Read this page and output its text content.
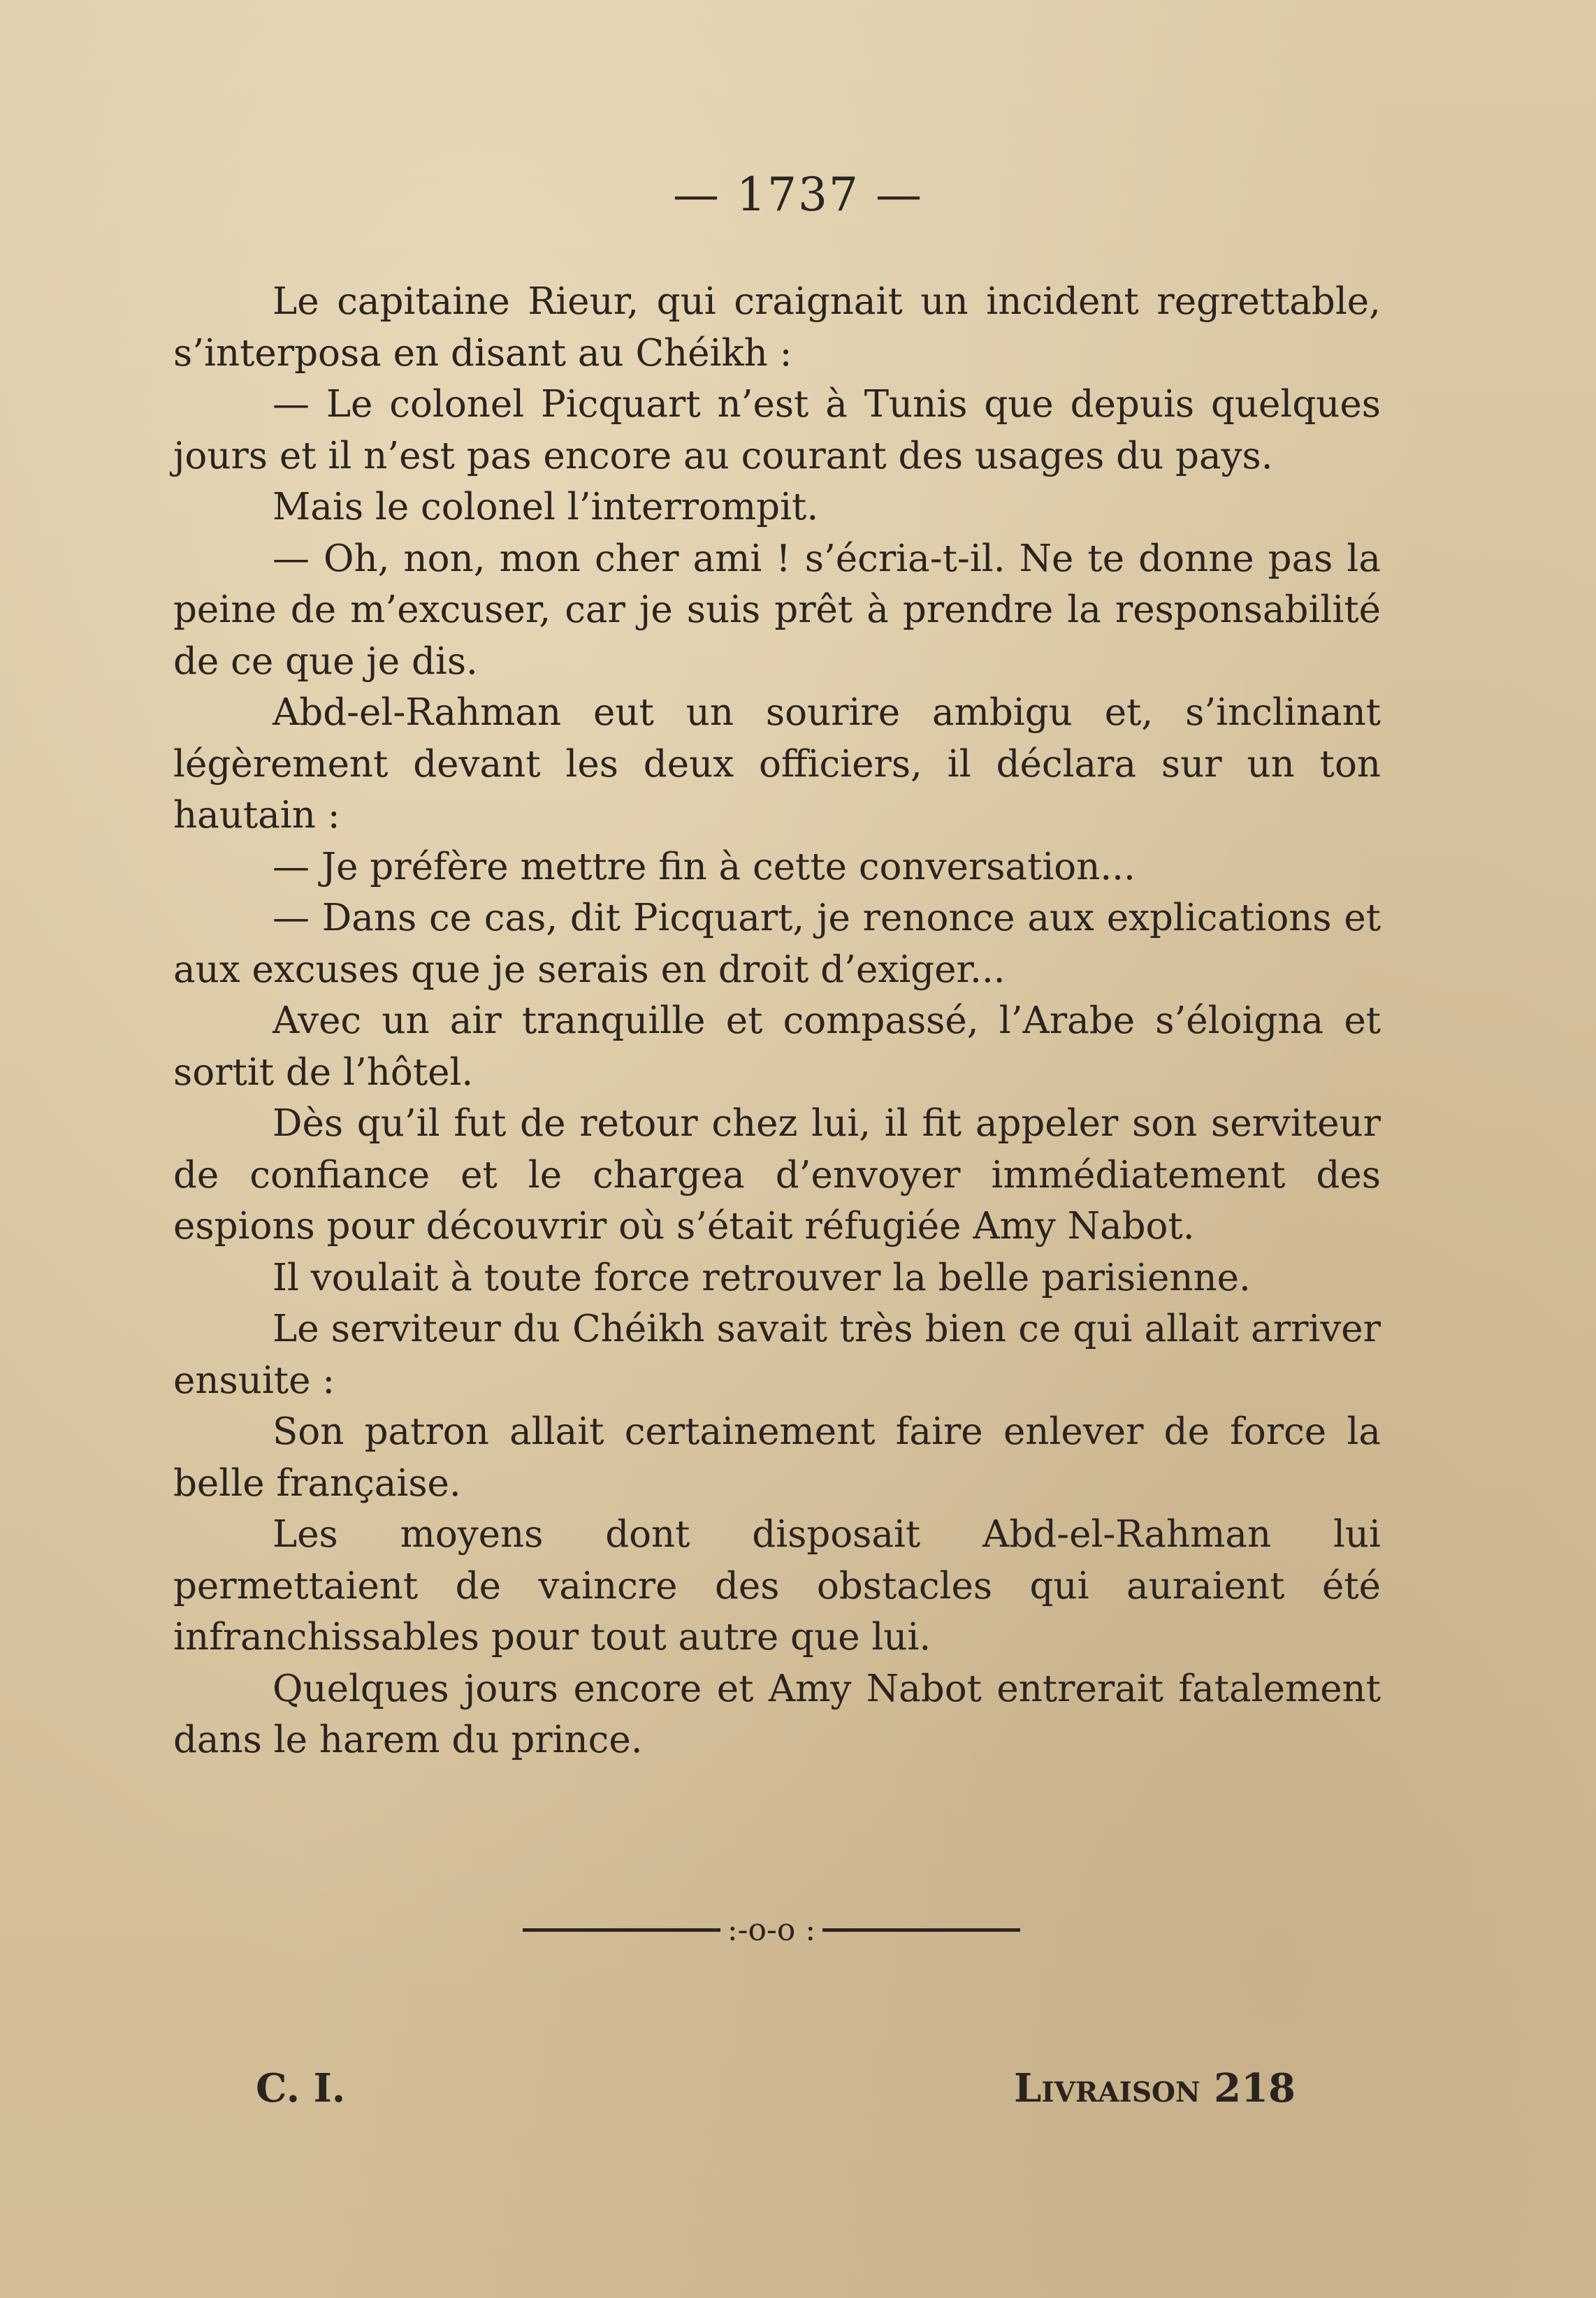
— 1737 —

Le capitaine Rieur, qui craignait un incident regrettable, s’interposa en disant au Chéikh :

— Le colonel Picquart n’est à Tunis que depuis quelques jours et il n’est pas encore au courant des usages du pays.

Mais le colonel l’interrompit.

— Oh, non, mon cher ami ! s’écria-t-il. Ne te donne pas la peine de m’excuser, car je suis prêt à prendre la responsabilité de ce que je dis.

Abd-el-Rahman eut un sourire ambigu et, s’inclinant légèrement devant les deux officiers, il déclara sur un ton hautain :

— Je préfère mettre fin à cette conversation...

— Dans ce cas, dit Picquart, je renonce aux explications et aux excuses que je serais en droit d’exiger...

Avec un air tranquille et compassé, l’Arabe s’éloigna et sortit de l’hôtel.

Dès qu’il fut de retour chez lui, il fit appeler son serviteur de confiance et le chargea d’envoyer immédiatement des espions pour découvrir où s’était réfugiée Amy Nabot.

Il voulait à toute force retrouver la belle parisienne.

Le serviteur du Chéikh savait très bien ce qui allait arriver ensuite :

Son patron allait certainement faire enlever de force la belle française.

Les moyens dont disposait Abd-el-Rahman lui permettaient de vaincre des obstacles qui auraient été infranchissables pour tout autre que lui.

Quelques jours encore et Amy Nabot entrerait fatalement dans le harem du prince.

:-o-o :
C. I.	Livraison 218
